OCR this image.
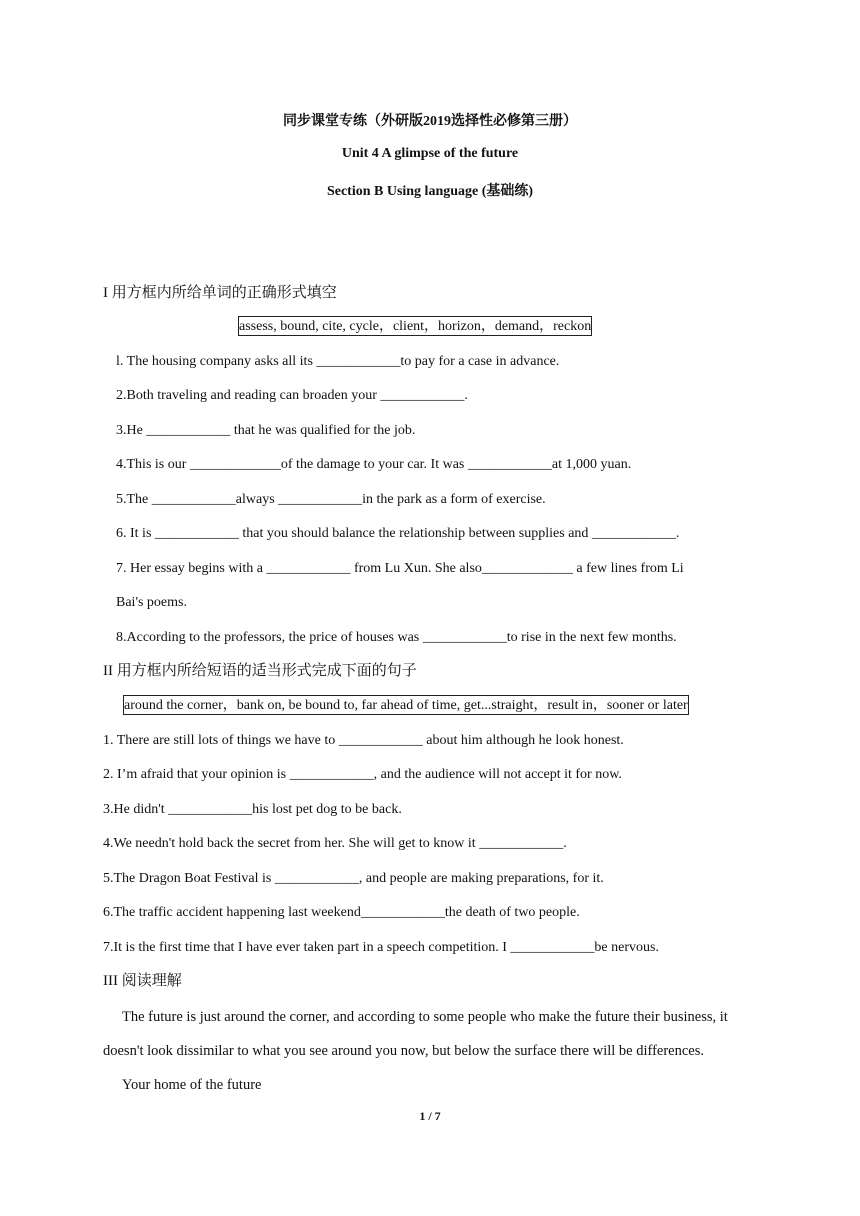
同步课堂专练（外研版2019选择性必修第三册）
Unit 4 A glimpse of the future
Section B Using language (基础练)
I 用方框内所给单词的正确形式填空
assess, bound, cite, cycle，client，horizon，demand，reckon
l. The housing company asks all its ____________to pay for a case in advance.
2.Both traveling and reading can broaden your ____________.
3.He ____________ that he was qualified for the job.
4.This is our _____________of the damage to your car. It was ____________at 1,000 yuan.
5.The ____________always ____________in the park as a form of exercise.
6. It is ____________ that you should balance the relationship between supplies and ____________.
7. Her essay begins with a ____________ from Lu Xun. She also_____________ a few lines from Li
Bai's poems.
8.According to the professors, the price of houses was ____________to rise in the next few months.
II 用方框内所给短语的适当形式完成下面的句子
around the corner，bank on, be bound to, far ahead of time, get...straight，result in，sooner or later
1. There are still lots of things we have to ____________ about him although he look honest.
2. I’m afraid that your opinion is ____________, and the audience will not accept it for now.
3.He didn't ____________his lost pet dog to be back.
4.We needn't hold back the secret from her. She will get to know it ____________.
5.The Dragon Boat Festival is ____________, and people are making preparations, for it.
6.The traffic accident happening last weekend____________the death of two people.
7.It is the first time that I have ever taken part in a speech competition. I ____________be nervous.
III 阅读理解
The future is just around the corner, and according to some people who make the future their business, it
doesn't look dissimilar to what you see around you now, but below the surface there will be differences.
Your home of the future
1 / 7
